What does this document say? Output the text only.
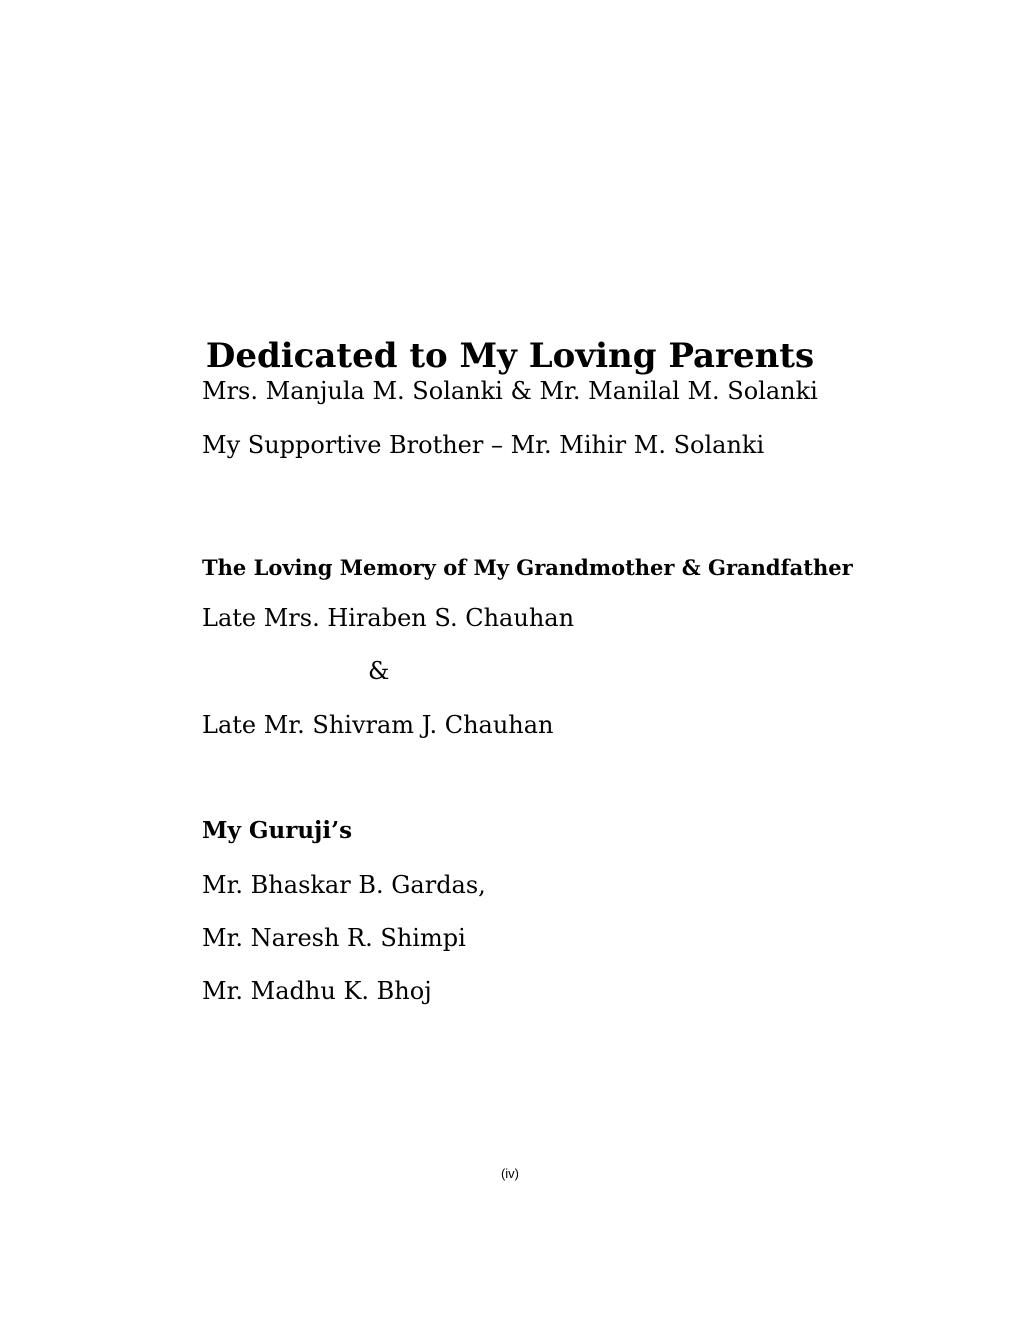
Dedicated to My Loving Parents
Mrs. Manjula M. Solanki & Mr. Manilal M. Solanki
My Supportive Brother – Mr. Mihir M. Solanki
The Loving Memory of My Grandmother & Grandfather
Late Mrs. Hiraben S. Chauhan
&
Late Mr. Shivram J. Chauhan
My Guruji’s
Mr. Bhaskar B. Gardas,
Mr. Naresh R. Shimpi
Mr. Madhu K. Bhoj
(iv)
